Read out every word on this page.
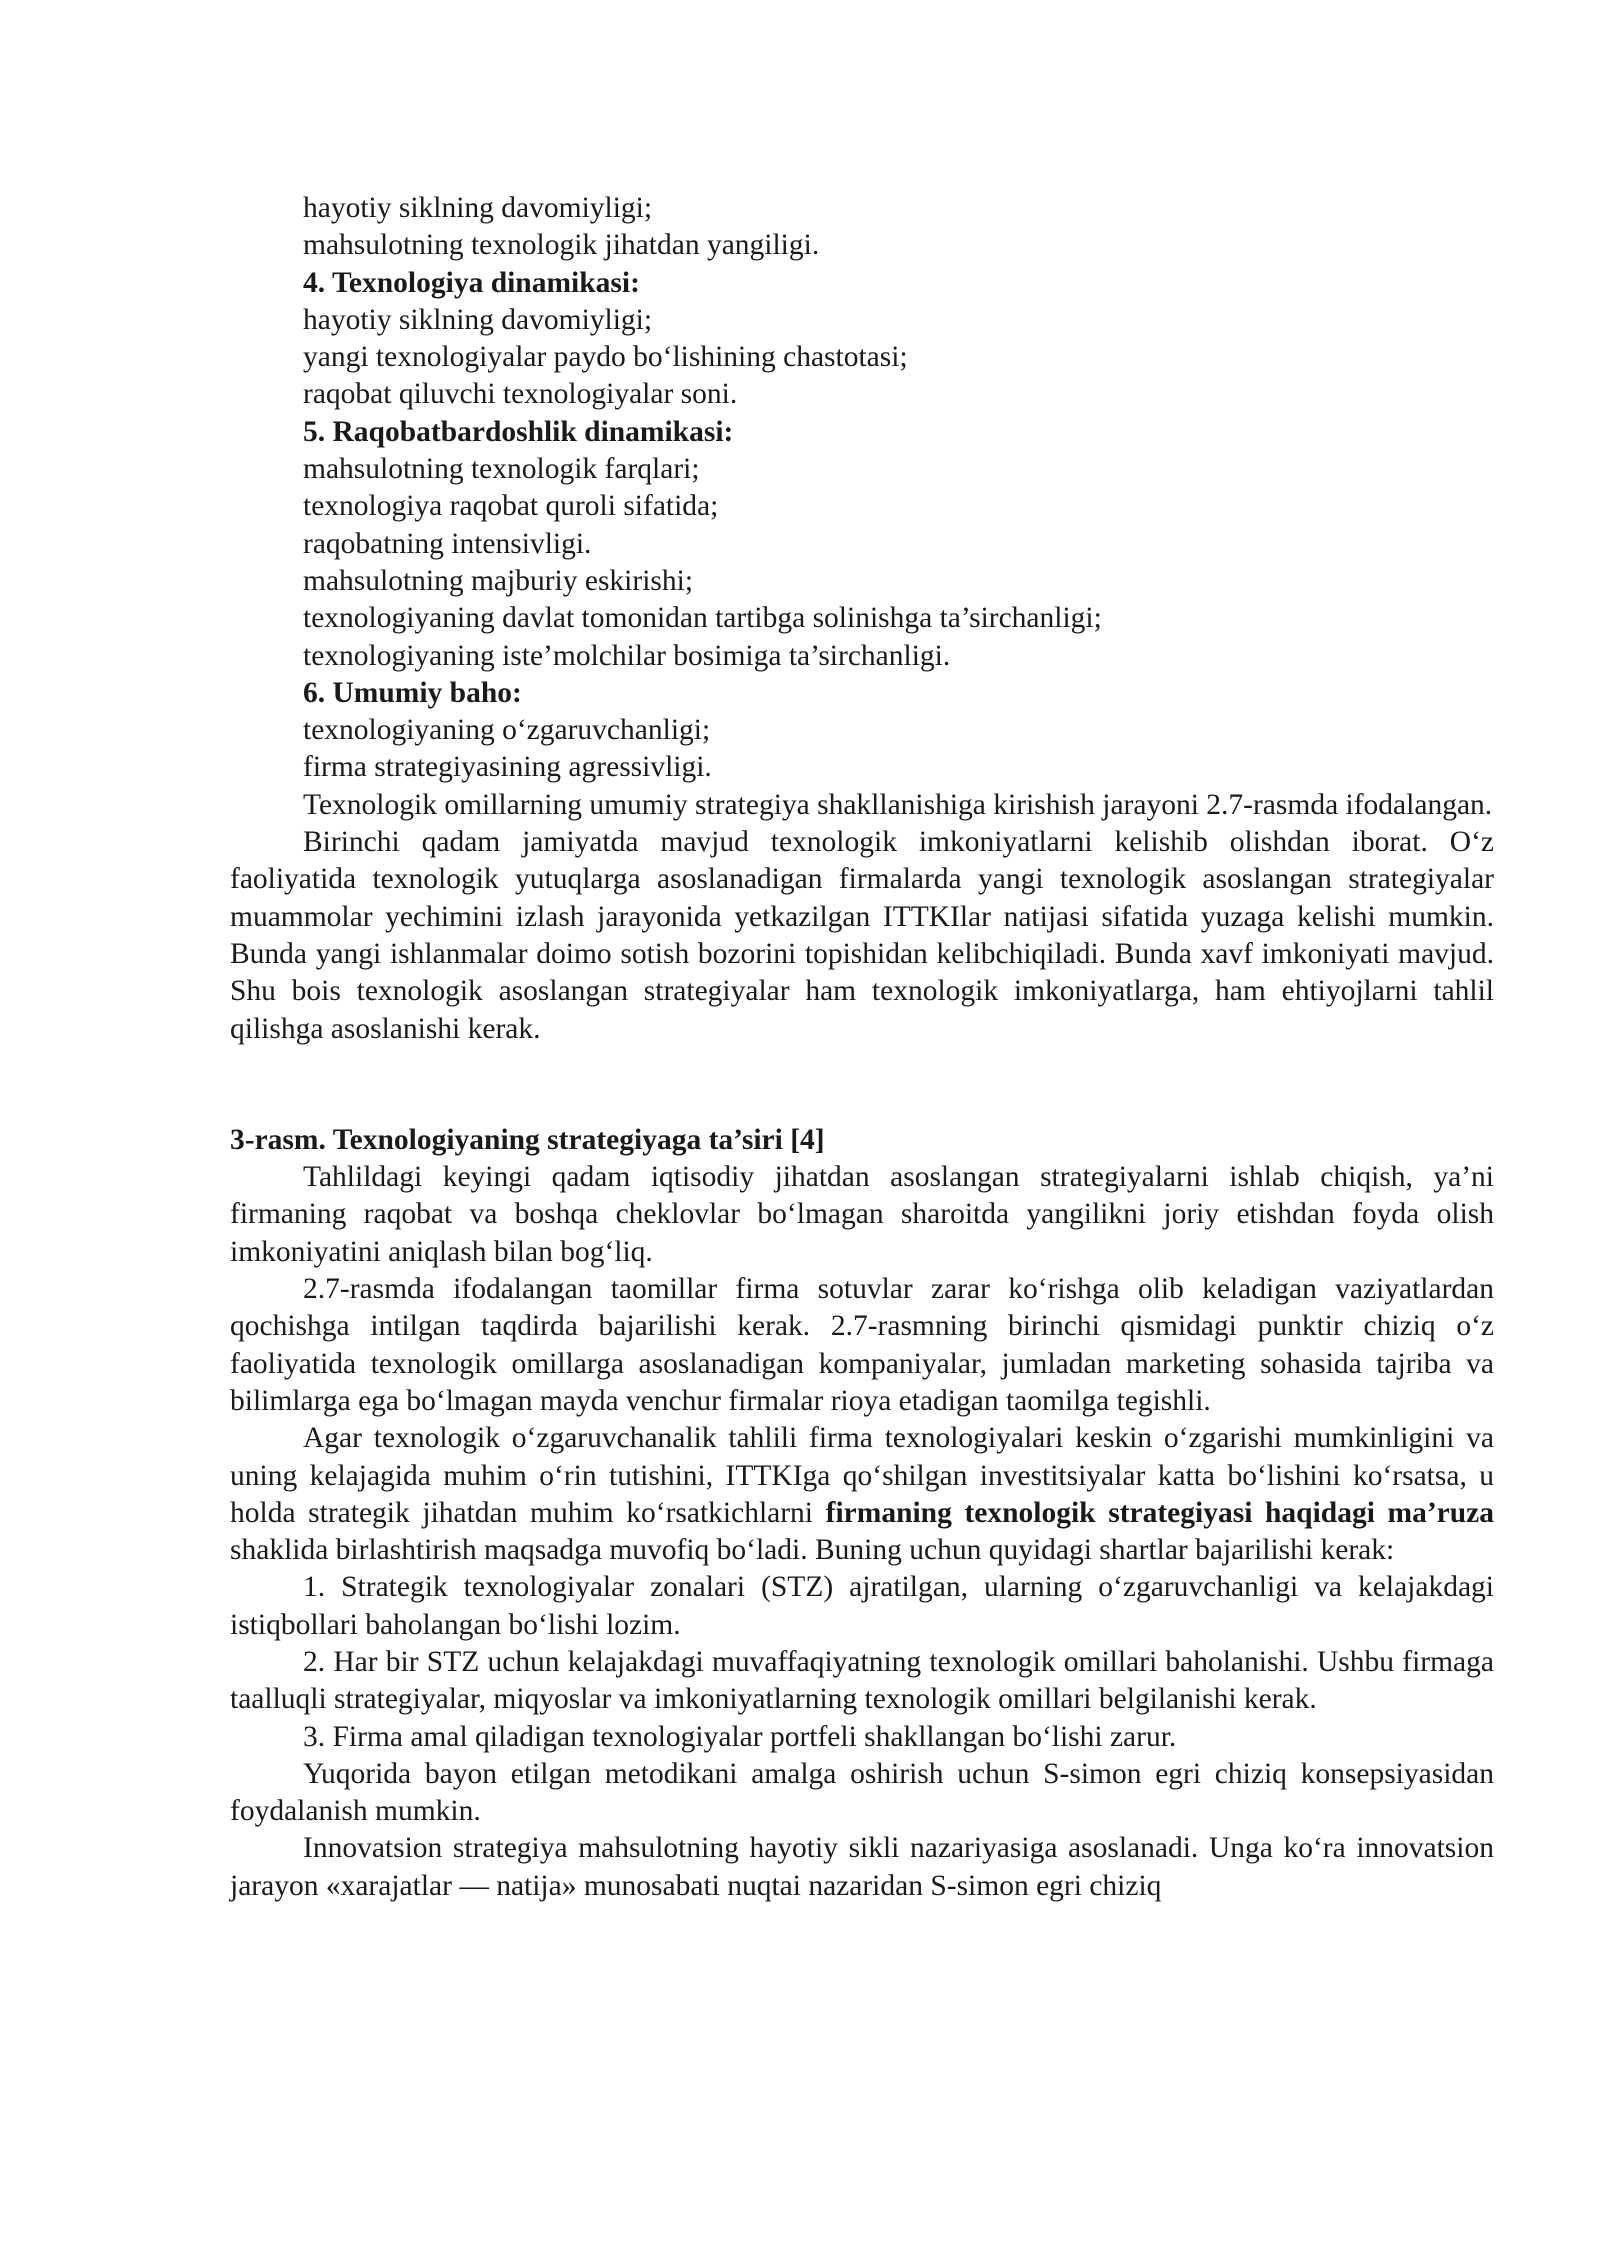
hayotiy siklning davomiyligi;

mahsulotning texnologik jihatdan yangiligi.

4. Texnologiya dinamikasi:

hayotiy siklning davomiyligi;

yangi texnologiyalar paydo bo‘lishining chastotasi;

raqobat qiluvchi texnologiyalar soni.

5. Raqobatbardoshlik dinamikasi:

mahsulotning texnologik farqlari;

texnologiya raqobat quroli sifatida;

raqobatning intensivligi.

mahsulotning majburiy eskirishi;

texnologiyaning davlat tomonidan tartibga solinishga ta’sirchanligi;

texnologiyaning iste’molchilar bosimiga ta’sirchanligi.

6. Umumiy baho:

texnologiyaning o‘zgaruvchanligi;

firma strategiyasining agressivligi.

Texnologik omillarning umumiy strategiya shakllanishiga kirishish jarayoni 2.7-rasmda ifodalangan.

Birinchi qadam jamiyatda mavjud texnologik imkoniyatlarni kelishib olishdan iborat. O‘z faoliyatida texnologik yutuqlarga asoslanadigan firmalarda yangi texnologik asoslangan strategiyalar muammolar yechimini izlash jarayonida yetkazilgan ITTKIlar natijasi sifatida yuzaga kelishi mumkin. Bunda yangi ishlanmalar doimo sotish bozorini topishidan kelibchiqiladi. Bunda xavf imkoniyati mavjud. Shu bois texnologik asoslangan strategiyalar ham texnologik imkoniyatlarga, ham ehtiyojlarni tahlil qilishga asoslanishi kerak.

3-rasm. Texnologiyaning strategiyaga ta’siri [4]

Tahlildagi keyingi qadam iqtisodiy jihatdan asoslangan strategiyalarni ishlab chiqish, ya’ni firmaning raqobat va boshqa cheklovlar bo‘lmagan sharoitda yangilikni joriy etishdan foyda olish imkoniyatini aniqlash bilan bog‘liq.

2.7-rasmda ifodalangan taomillar firma sotuvlar zarar ko‘rishga olib keladigan vaziyatlardan qochishga intilgan taqdirda bajarilishi kerak. 2.7-rasmning birinchi qismidagi punktir chiziq o‘z faoliyatida texnologik omillarga asoslanadigan kompaniyalar, jumladan marketing sohasida tajriba va bilimlarga ega bo‘lmagan mayda venchur firmalar rioya etadigan taomilga tegishli.

Agar texnologik o‘zgaruvchanalik tahlili firma texnologiyalari keskin o‘zgarishi mumkinligini va uning kelajagida muhim o‘rin tutishini, ITTKIga qo‘shilgan investitsiyalar katta bo‘lishini ko‘rsatsa, u holda strategik jihatdan muhim ko‘rsatkichlarni firmaning texnologik strategiyasi haqidagi ma’ruza shaklida birlashtirish maqsadga muvofiq bo‘ladi. Buning uchun quyidagi shartlar bajarilishi kerak:

1. Strategik texnologiyalar zonalari (STZ) ajratilgan, ularning o‘zgaruvchanligi va kelajakdagi istiqbollari baholangan bo‘lishi lozim.

2. Har bir STZ uchun kelajakdagi muvaffaqiyatning texnologik omillari baholanishi. Ushbu firmaga taalluqli strategiyalar, miqyoslar va imkoniyatlarning texnologik omillari belgilanishi kerak.

3. Firma amal qiladigan texnologiyalar portfeli shakllangan bo‘lishi zarur.

Yuqorida bayon etilgan metodikani amalga oshirish uchun S-simon egri chiziq konsepsiyasidan foydalanish mumkin.

Innovatsion strategiya mahsulotning hayotiy sikli nazariyasiga asoslanadi. Unga ko‘ra innovatsion jarayon «xarajatlar — natija» munosabati nuqtai nazaridan S-simon egri chiziq
